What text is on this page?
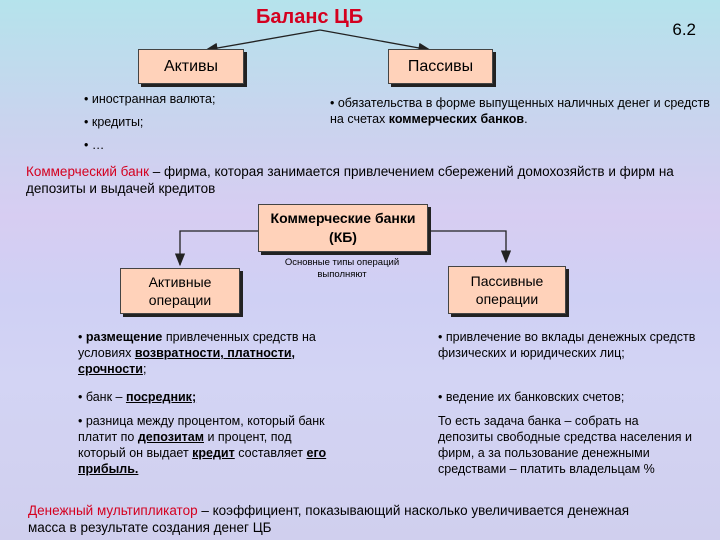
Баланс ЦБ
6.2
Активы	Пассивы
• иностранная валюта;
• кредиты;
• …
• обязательства в форме выпущенных наличных денег и средств на счетах коммерческих банков.
Коммерческий банк – фирма, которая занимается привлечением сбережений домохозяйств и фирм на депозиты и выдачей кредитов
Коммерческие банки
(КБ)
Основные типы операций выполняют
Активные операции
Пассивные операции
• размещение привлеченных средств на условиях возвратности, платности, срочности;
• банк – посредник;
• разница между процентом, который банк платит по депозитам и процент, под который он выдает кредит составляет его прибыль.
• привлечение во вклады денежных средств физических и юридических лиц;
• ведение их банковских счетов;
То есть задача банка – собрать на депозиты свободные средства населения и фирм, а за пользование денежными средствами – платить владельцам %
Денежный мультипликатор – коэффициент, показывающий насколько увеличивается денежная масса в результате создания денег ЦБ
